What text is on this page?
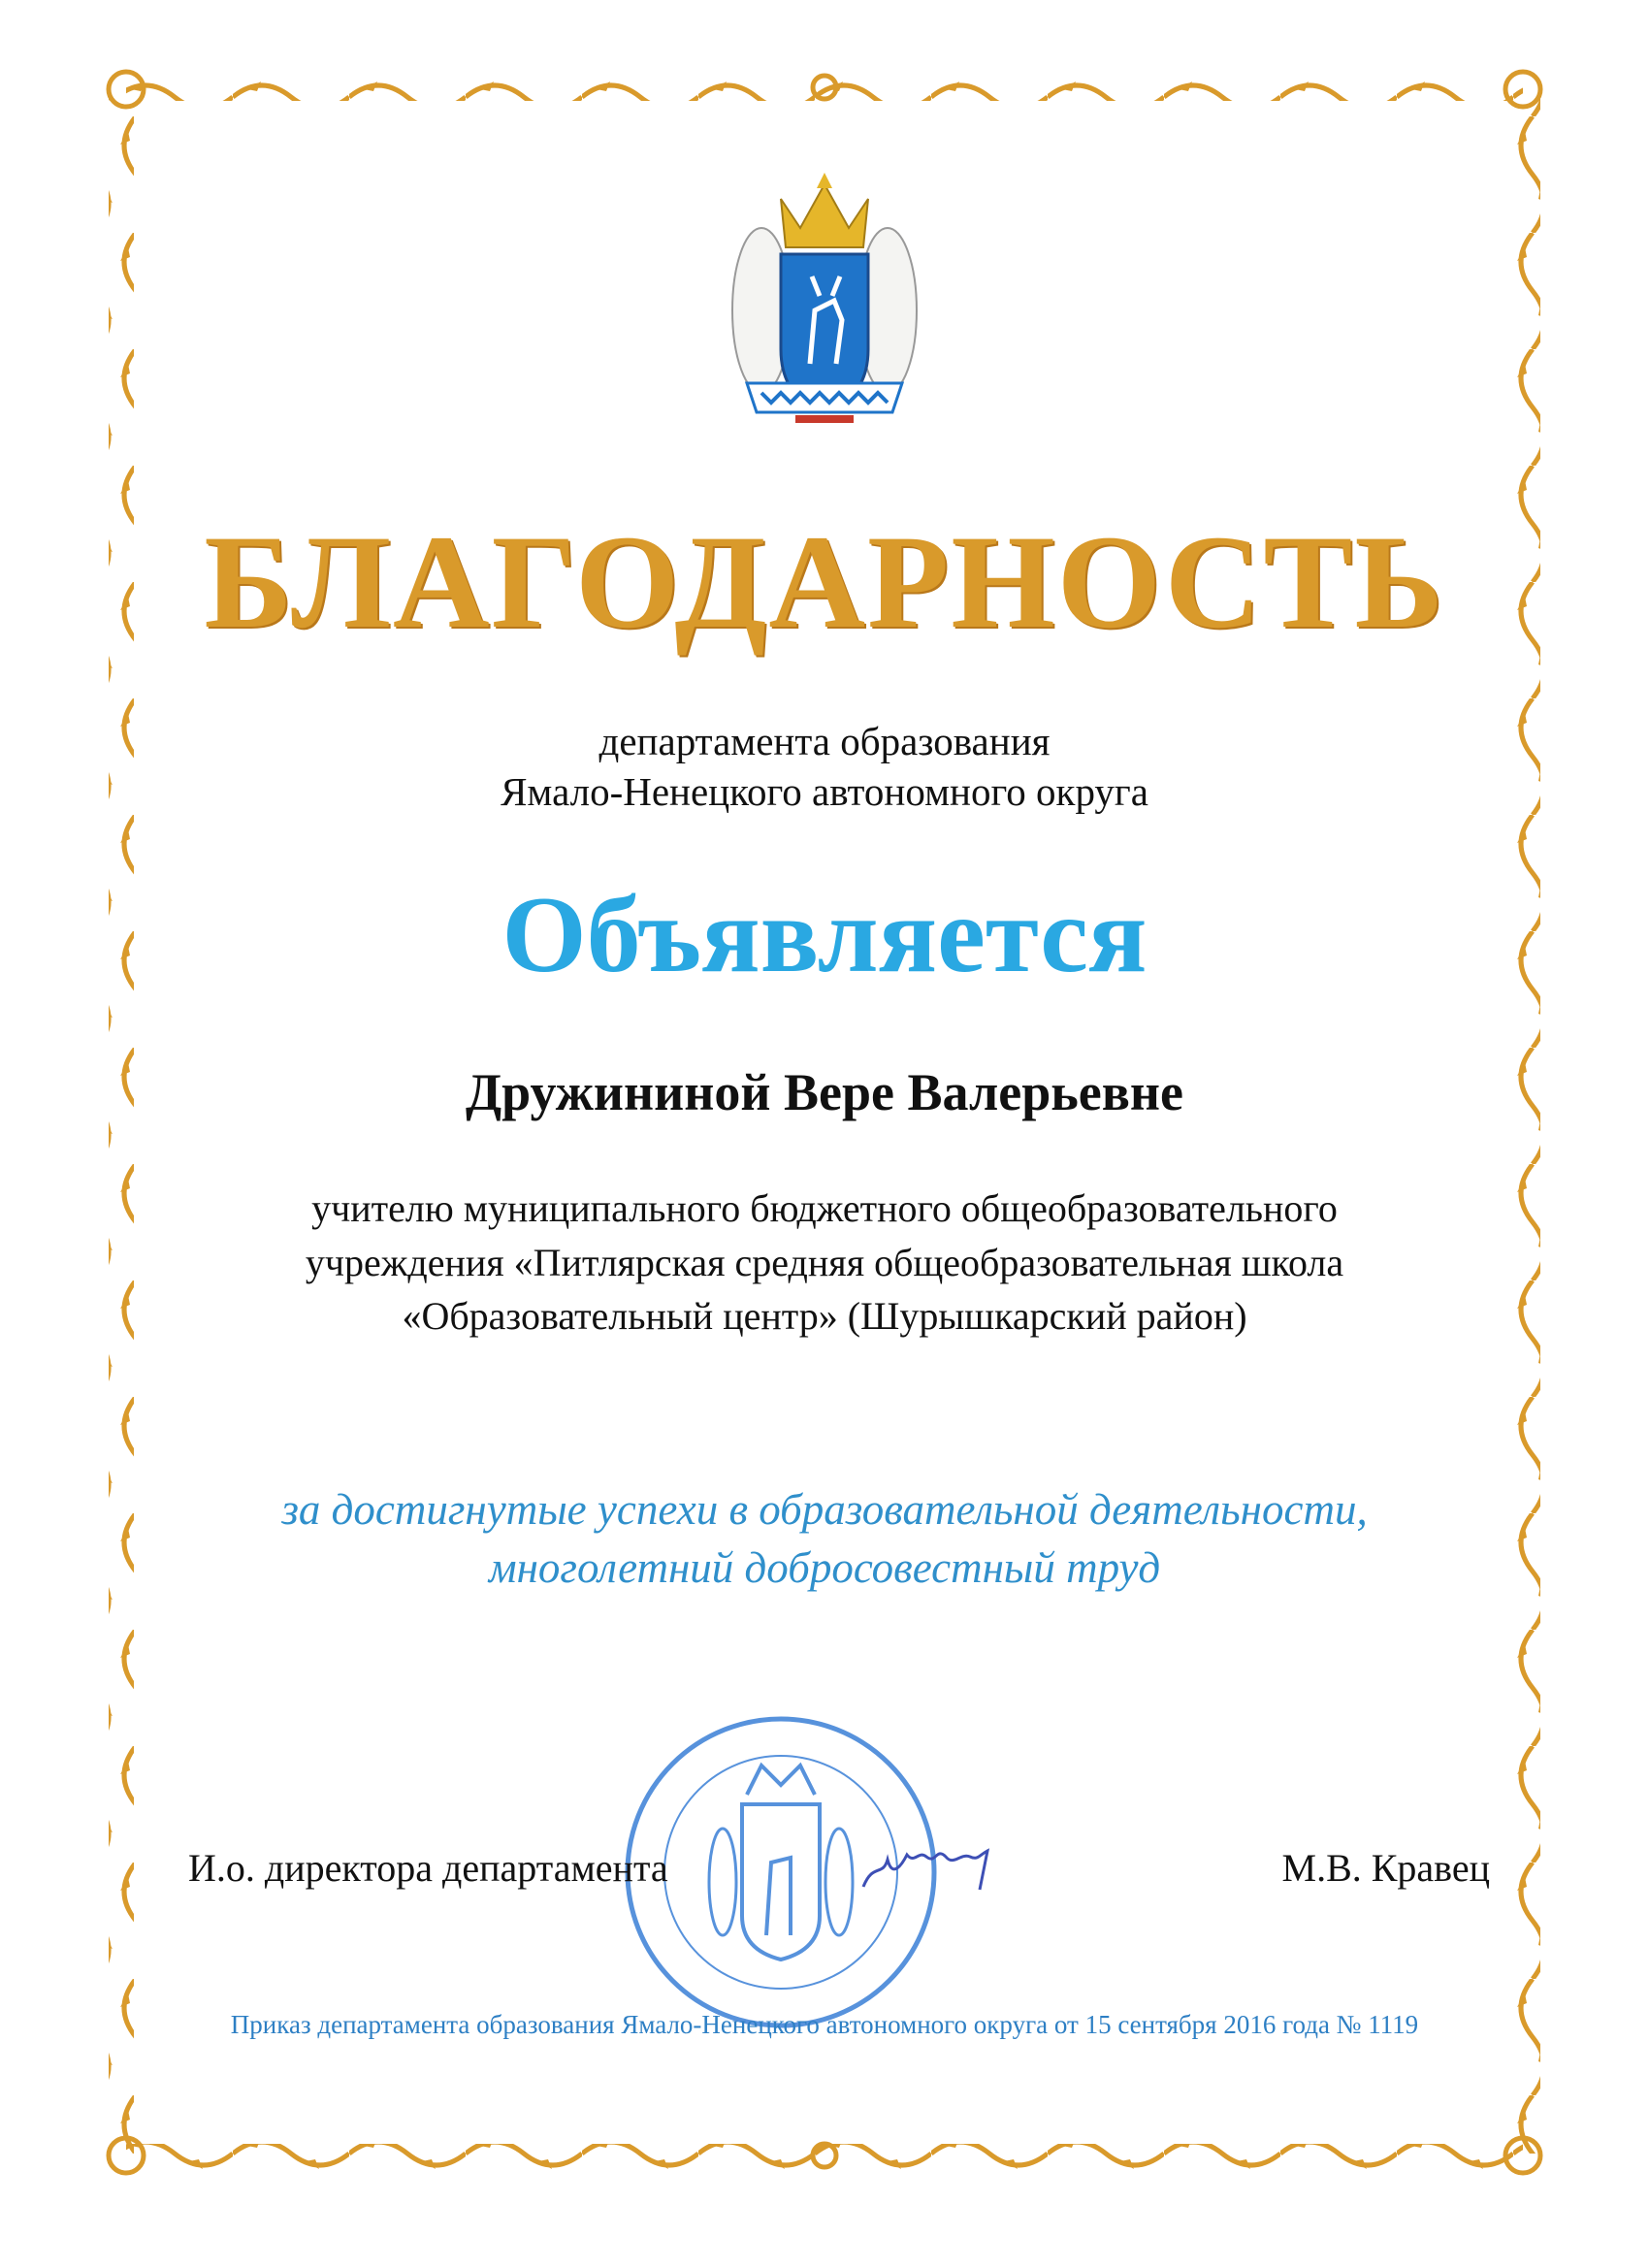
БЛАГОДАРНОСТЬ
департамента образования
Ямало-Ненецкого автономного округа
Объявляется
Дружининой Вере Валерьевне
учителю муниципального бюджетного общеобразовательного
учреждения «Питлярская средняя общеобразовательная школа
«Образовательный центр» (Шурышкарский район)
за достигнутые успехи в образовательной деятельности,
многолетний добросовестный труд
И.о. директора департамента	М.В. Кравец
Приказ департамента образования Ямало-Ненецкого автономного округа от 15 сентября 2016 года № 1119
